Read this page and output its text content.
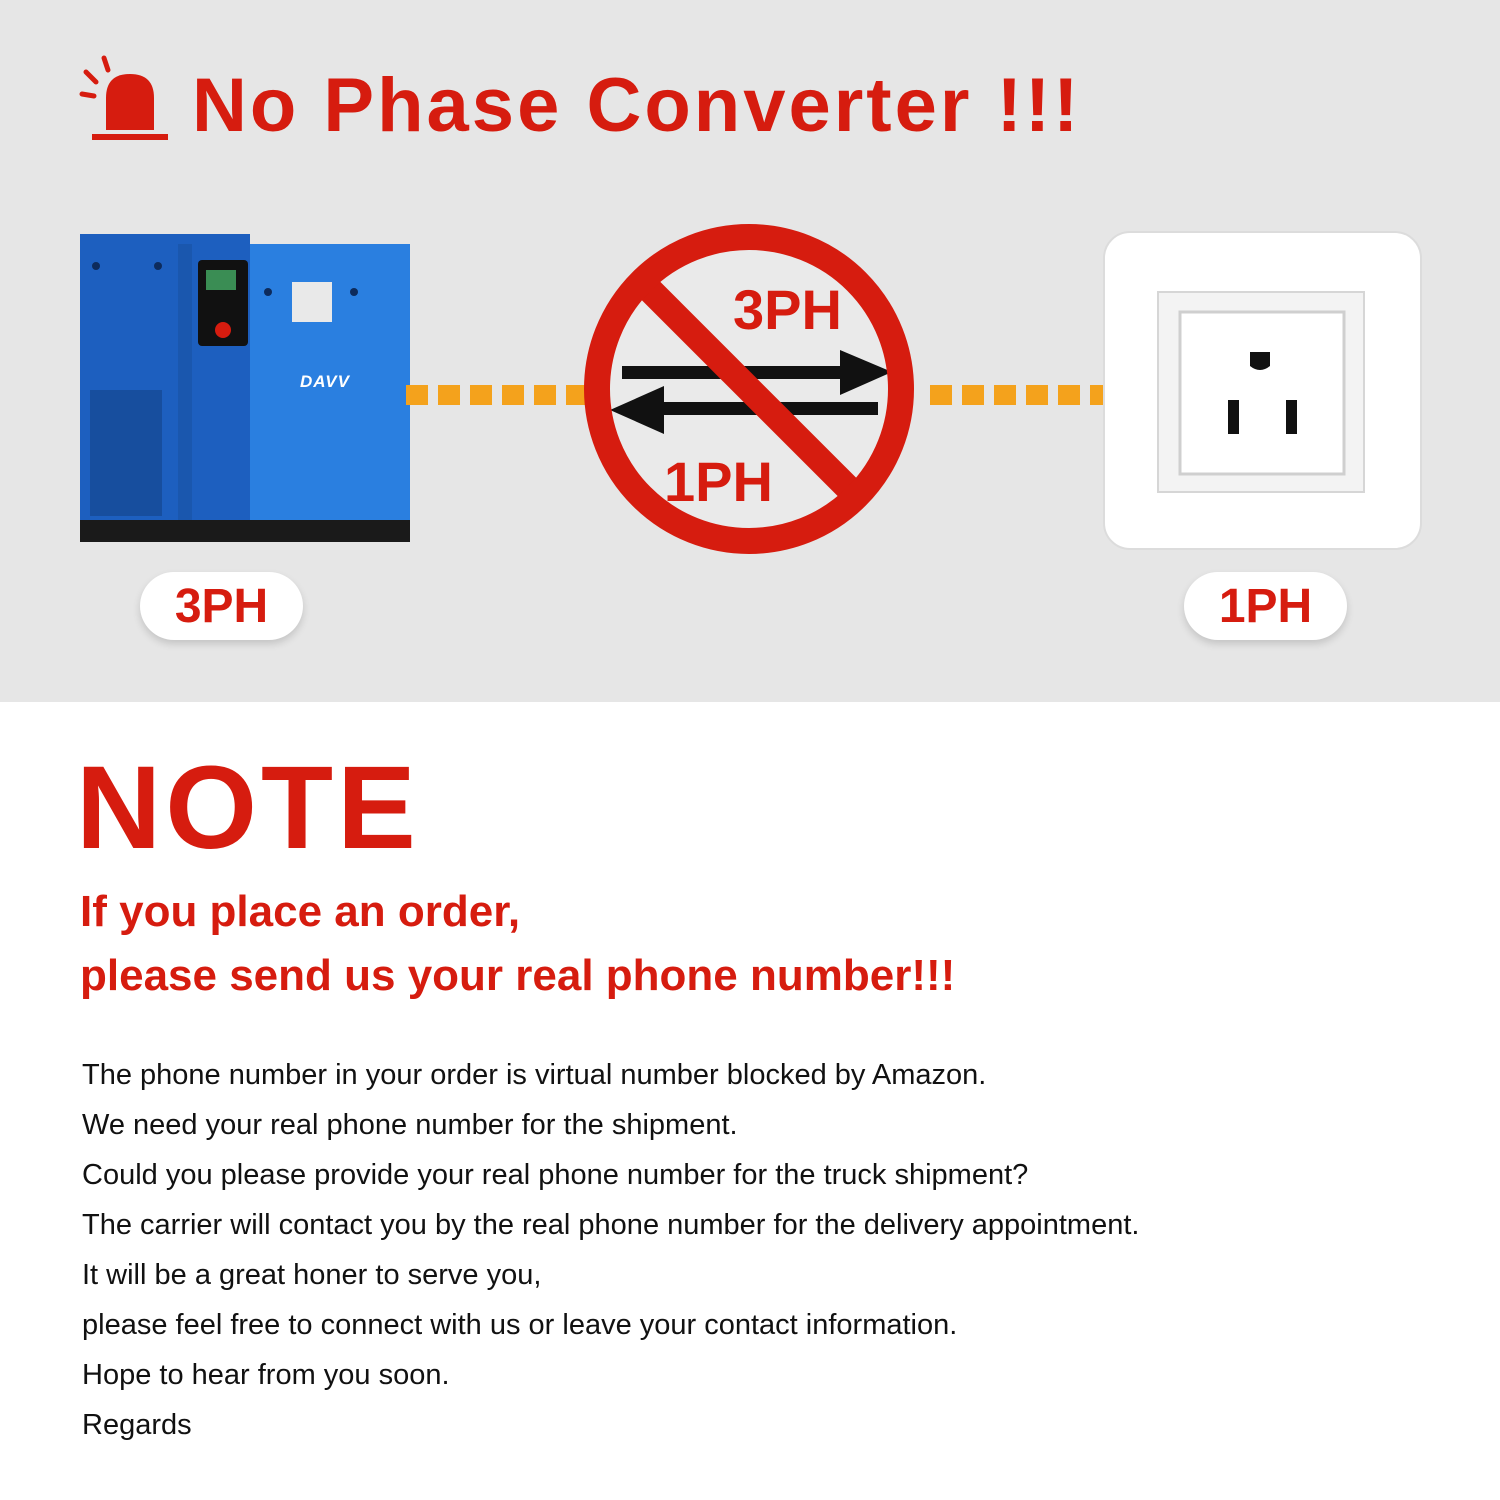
No Phase Converter !!!
DAVV
3PH
1PH
3PH	1PH
NOTE
If you place an order,
please send us your real phone number!!!
The phone number in your order is virtual number blocked by Amazon.
We need your real phone number for the shipment.
Could you please provide your real phone number for the truck shipment?
The carrier will contact you by the real phone number for the delivery appointment.
It will be a great honer to serve you,
please feel free to connect with us or leave your contact information.
Hope to hear from you soon.
Regards
